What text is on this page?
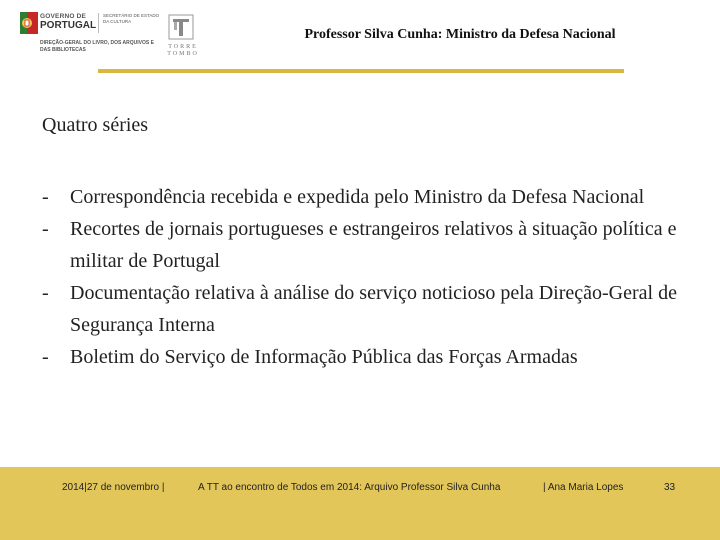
GOVERNO DE
PORTUGAL
SECRETÁRIO DE ESTADO DA CULTURA
DIREÇÃO-GERAL DO LIVRO, DOS ARQUIVOS E DAS BIBLIOTECAS	TORRE
TOMBO
Professor Silva Cunha: Ministro da Defesa Nacional
Quatro séries
- Correspondência recebida e expedida pelo Ministro da Defesa Nacional
- Recortes de jornais portugueses e estrangeiros relativos à situação política e militar de Portugal
- Documentação relativa à análise do serviço noticioso pela Direção-Geral de Segurança Interna
- Boletim do Serviço de Informação Pública das Forças Armadas
2014|27 de novembro |	A TT ao encontro de Todos em 2014: Arquivo Professor Silva Cunha	| Ana Maria Lopes	33
